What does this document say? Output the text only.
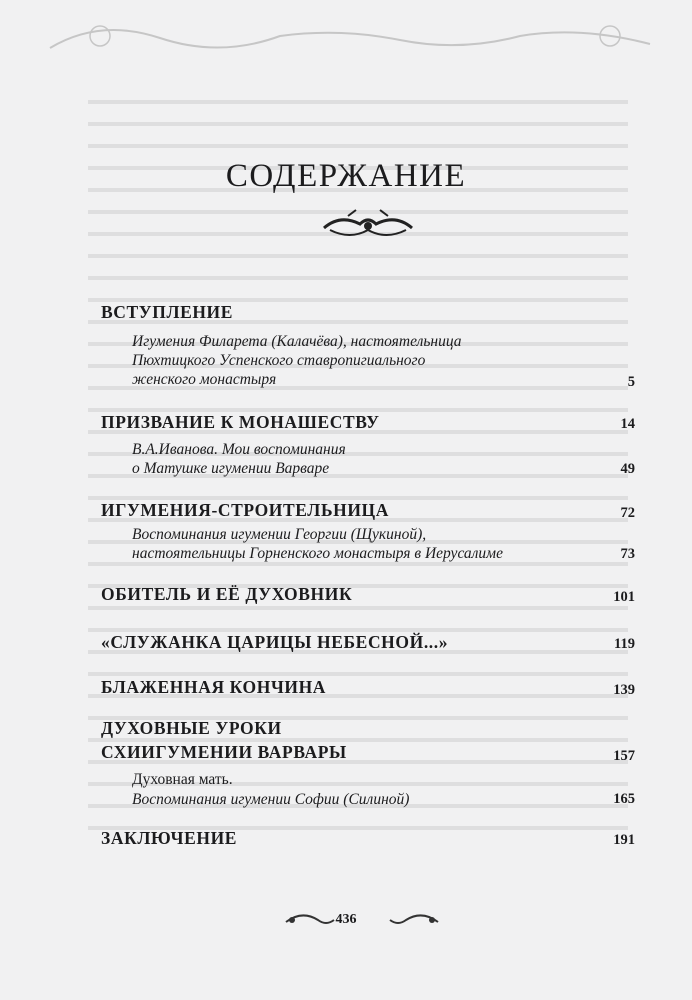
СОДЕРЖАНИЕ
ВСТУПЛЕНИЕ
Игумения Филарета (Калачёва), настоятельница
Пюхтицкого Успенского ставропигиального
женского монастыря	5
ПРИЗВАНИЕ К МОНАШЕСТВУ	14
В.А.Иванова. Мои воспоминания
о Матушке игумении Варваре	49
ИГУМЕНИЯ-СТРОИТЕЛЬНИЦА	72
Воспоминания игумении Георгии (Щукиной),
настоятельницы Горненского монастыря в Иерусалиме	73
ОБИТЕЛЬ И ЕЁ ДУХОВНИК	101
«СЛУЖАНКА ЦАРИЦЫ НЕБЕСНОЙ...»	119
БЛАЖЕННАЯ КОНЧИНА	139
ДУХОВНЫЕ УРОКИ
СХИИГУМЕНИИ ВАРВАРЫ	157
Духовная мать.
Воспоминания игумении Софии (Силиной)	165
ЗАКЛЮЧЕНИЕ	191
436
